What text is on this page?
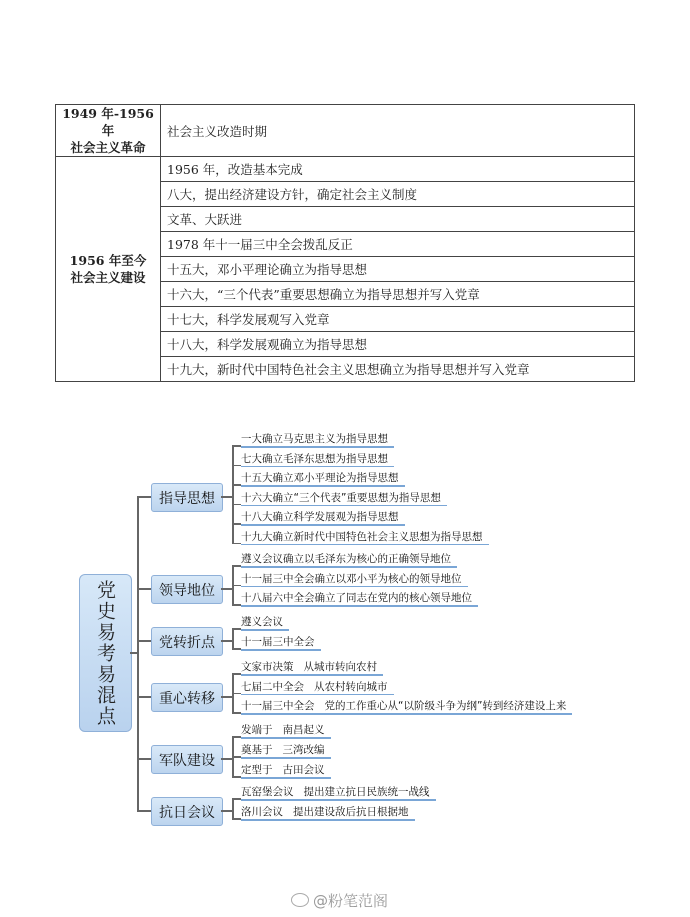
1949 年-1956 年
社会主义革命	社会主义改造时期

1956 年至今
社会主义建设	1956 年，改造基本完成
	八大，提出经济建设方针，确定社会主义制度
	文革、大跃进
	1978 年十一届三中全会拨乱反正
	十五大，邓小平理论确立为指导思想
	十六大，“三个代表”重要思想确立为指导思想并写入党章
	十七大，科学发展观写入党章
	十八大，科学发展观确立为指导思想
	十九大，新时代中国特色社会主义思想确立为指导思想并写入党章
党史易考易混点
指导思想
一大确立马克思主义为指导思想
七大确立毛泽东思想为指导思想
十五大确立邓小平理论为指导思想
十六大确立“三个代表”重要思想为指导思想
十八大确立科学发展观为指导思想
十九大确立新时代中国特色社会主义思想为指导思想
领导地位
遵义会议确立以毛泽东为核心的正确领导地位
十一届三中全会确立以邓小平为核心的领导地位
十八届六中全会确立了同志在党内的核心领导地位
党转折点
遵义会议
十一届三中全会
重心转移
文家市决策 从城市转向农村
七届二中全会 从农村转向城市
十一届三中全会 党的工作重心从“以阶级斗争为纲”转到经济建设上来
军队建设
发端于 南昌起义
奠基于 三湾改编
定型于 古田会议
抗日会议
瓦窑堡会议 提出建立抗日民族统一战线
洛川会议 提出建设敌后抗日根据地
@粉笔范阁
